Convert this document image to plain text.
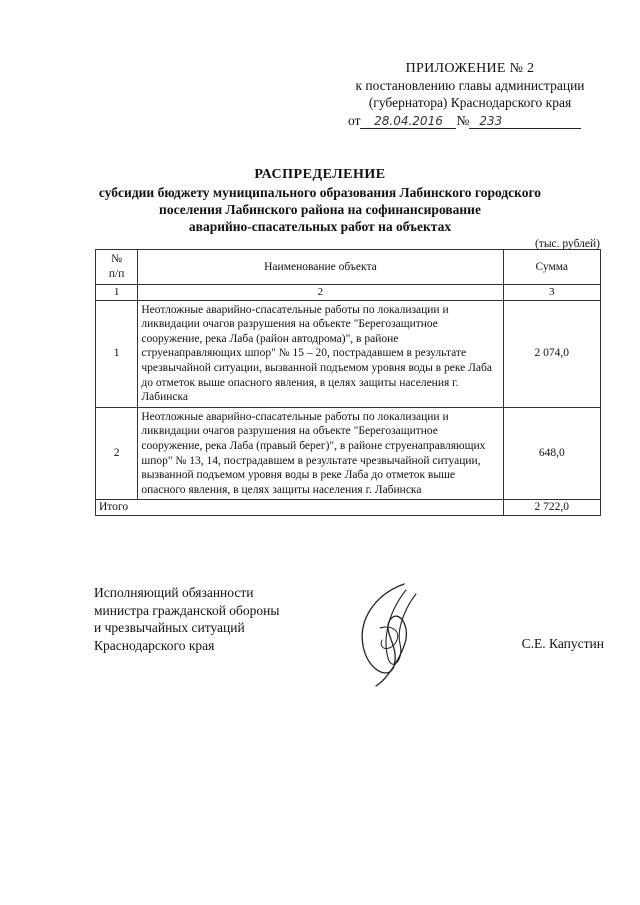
ПРИЛОЖЕНИЕ № 2
к постановлению главы администрации
(губернатора) Краснодарского края
от	28.04.2016	№ 233
РАСПРЕДЕЛЕНИЕ
субсидии бюджету муниципального образования Лабинского городского
поселения Лабинского района на софинансирование
аварийно-спасательных работ на объектах
(тыс. рублей)
№
п/п	Наименование объекта	Сумма
1	2	3
1	Неотложные аварийно-спасательные работы по локализации и ликвидации очагов разрушения на объекте "Берегозащитное сооружение, река Лаба (район автодрома)", в районе струенаправляющих шпор" № 15 – 20, пострадавшем в результате чрезвычайной ситуации, вызванной подъемом уровня воды в реке Лаба до отметок выше опасного явления, в целях защиты населения г. Лабинска	2 074,0
2	Неотложные аварийно-спасательные работы по локализации и ликвидации очагов разрушения на объекте "Берегозащитное сооружение, река Лаба (правый берег)", в районе струенаправляющих шпор" № 13, 14, пострадавшем в результате чрезвычайной ситуации, вызванной подъемом уровня воды в реке Лаба до отметок выше опасного явления, в целях защиты населения г. Лабинска	648,0
Итого		2 722,0
Исполняющий обязанности
министра гражданской обороны
и чрезвычайных ситуаций
Краснодарского края	С.Е. Капустин
